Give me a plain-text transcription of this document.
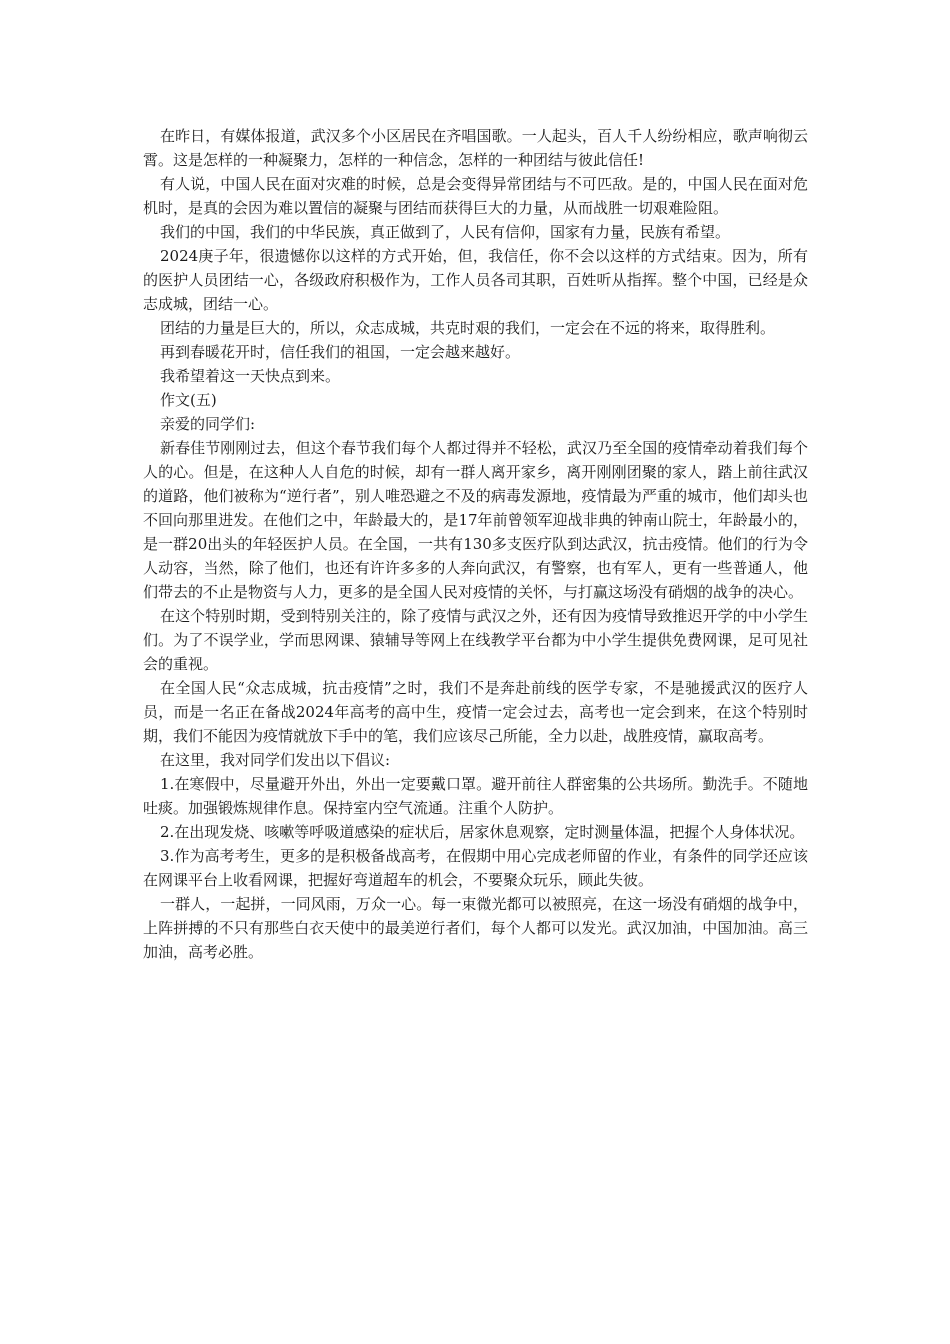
在昨日，有媒体报道，武汉多个小区居民在齐唱国歌。一人起头，百人千人纷纷相应，歌声响彻云霄。这是怎样的一种凝聚力，怎样的一种信念，怎样的一种团结与彼此信任!

有人说，中国人民在面对灾难的时候，总是会变得异常团结与不可匹敌。是的，中国人民在面对危机时，是真的会因为难以置信的凝聚与团结而获得巨大的力量，从而战胜一切艰难险阻。

我们的中国，我们的中华民族，真正做到了，人民有信仰，国家有力量，民族有希望。

2024庚子年，很遗憾你以这样的方式开始，但，我信任，你不会以这样的方式结束。因为，所有的医护人员团结一心，各级政府积极作为，工作人员各司其职，百姓听从指挥。整个中国，已经是众志成城，团结一心。

团结的力量是巨大的，所以，众志成城，共克时艰的我们，一定会在不远的将来，取得胜利。

再到春暖花开时，信任我们的祖国，一定会越来越好。

我希望着这一天快点到来。

作文(五)

亲爱的同学们:

新春佳节刚刚过去，但这个春节我们每个人都过得并不轻松，武汉乃至全国的疫情牵动着我们每个人的心。但是，在这种人人自危的时候，却有一群人离开家乡，离开刚刚团聚的家人，踏上前往武汉的道路，他们被称为“逆行者”，别人唯恐避之不及的病毒发源地，疫情最为严重的城市，他们却头也不回向那里进发。在他们之中，年龄最大的，是17年前曾领军迎战非典的钟南山院士，年龄最小的，是一群20出头的年轻医护人员。在全国，一共有130多支医疗队到达武汉，抗击疫情。他们的行为令人动容，当然，除了他们，也还有许许多多的人奔向武汉，有警察，也有军人，更有一些普通人，他们带去的不止是物资与人力，更多的是全国人民对疫情的关怀，与打赢这场没有硝烟的战争的决心。

在这个特别时期，受到特别关注的，除了疫情与武汉之外，还有因为疫情导致推迟开学的中小学生们。为了不误学业，学而思网课、猿辅导等网上在线教学平台都为中小学生提供免费网课，足可见社会的重视。

在全国人民“众志成城，抗击疫情”之时，我们不是奔赴前线的医学专家，不是驰援武汉的医疗人员，而是一名正在备战2024年高考的高中生，疫情一定会过去，高考也一定会到来，在这个特别时期，我们不能因为疫情就放下手中的笔，我们应该尽己所能，全力以赴，战胜疫情，赢取高考。

在这里，我对同学们发出以下倡议:

1.在寒假中，尽量避开外出，外出一定要戴口罩。避开前往人群密集的公共场所。勤洗手。不随地吐痰。加强锻炼规律作息。保持室内空气流通。注重个人防护。

2.在出现发烧、咳嗽等呼吸道感染的症状后，居家休息观察，定时测量体温，把握个人身体状况。

3.作为高考考生，更多的是积极备战高考，在假期中用心完成老师留的作业，有条件的同学还应该在网课平台上收看网课，把握好弯道超车的机会，不要聚众玩乐，顾此失彼。

一群人，一起拼，一同风雨，万众一心。每一束微光都可以被照亮，在这一场没有硝烟的战争中，上阵拼搏的不只有那些白衣天使中的最美逆行者们，每个人都可以发光。武汉加油，中国加油。高三加油，高考必胜。
